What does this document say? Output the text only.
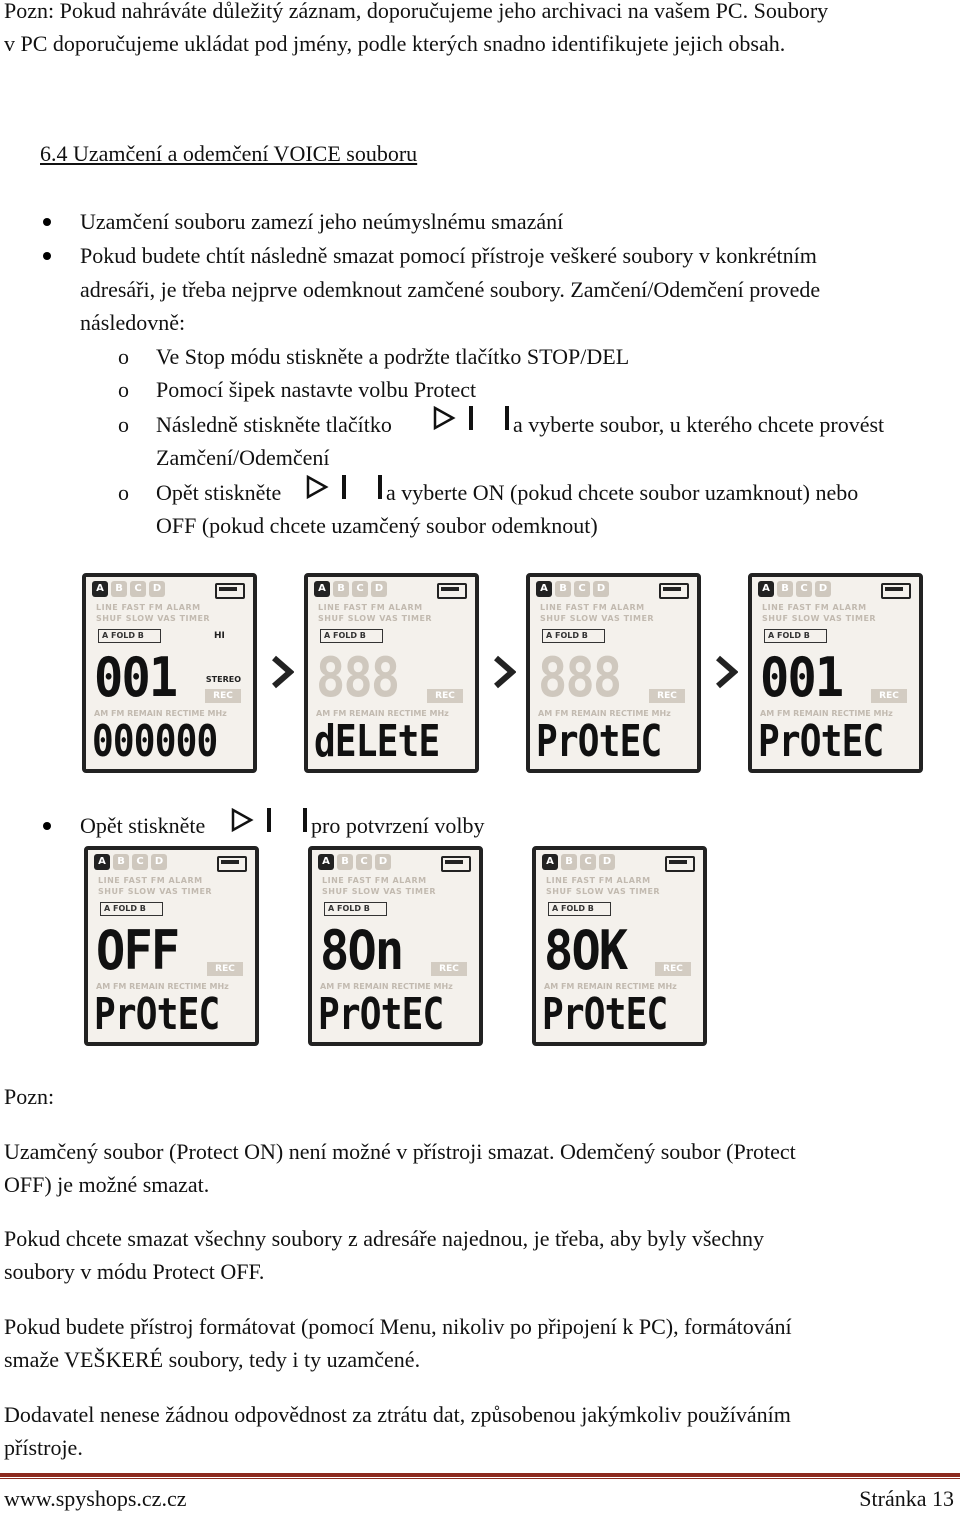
Pozn: Pokud nahráváte důležitý záznam, doporučujeme jeho archivaci na vašem PC. Soubory
v PC doporučujeme ukládat pod jmény, podle kterých snadno identifikujete jejich obsah.
6.4 Uzamčení a odemčení VOICE souboru
Uzamčení souboru zamezí jeho neúmyslnému smazání
Pokud budete chtít následně smazat pomocí přístroje veškeré soubory v konkrétním
adresáři, je třeba nejprve odemknout zamčené soubory. Zamčení/Odemčení provede
následovně:
o Ve Stop módu stiskněte a podržte tlačítko STOP/DEL
o Pomocí šipek nastavte volbu Protect
o Následně stiskněte tlačítko	a vyberte soubor, u kterého chcete provést
Zamčení/Odemčení
o Opět stiskněte	a vyberte ON (pokud chcete soubor uzamknout) nebo
OFF (pokud chcete uzamčený soubor odemknout)
A	B	C	D
LINE FAST FM ALARM
SHUF SLOW VAS TIMER
A FOLD B
001	REC
AM FM REMAIN RECTIME MHz
000000
HI
STEREO
A	B	C	D
LINE FAST FM ALARM
SHUF SLOW VAS TIMER
A FOLD B
888	REC
AM FM REMAIN RECTIME MHz
dELEtE
A	B	C	D
LINE FAST FM ALARM
SHUF SLOW VAS TIMER
A FOLD B
888	REC
AM FM REMAIN RECTIME MHz
PrOtEC
A	B	C	D
LINE FAST FM ALARM
SHUF SLOW VAS TIMER
A FOLD B
001	REC
AM FM REMAIN RECTIME MHz
PrOtEC
Opět stiskněte	pro potvrzení volby
A	B	C	D
LINE FAST FM ALARM
SHUF SLOW VAS TIMER
A FOLD B
OFF	REC
AM FM REMAIN RECTIME MHz
PrOtEC
A	B	C	D
LINE FAST FM ALARM
SHUF SLOW VAS TIMER
A FOLD B
8On	REC
AM FM REMAIN RECTIME MHz
PrOtEC
A	B	C	D
LINE FAST FM ALARM
SHUF SLOW VAS TIMER
A FOLD B
8OK	REC
AM FM REMAIN RECTIME MHz
PrOtEC
Pozn:
Uzamčený soubor (Protect ON) není možné v přístroji smazat. Odemčený soubor (Protect
OFF) je možné smazat.
Pokud chcete smazat všechny soubory z adresáře najednou, je třeba, aby byly všechny
soubory v módu Protect OFF.
Pokud budete přístroj formátovat (pomocí Menu, nikoliv po připojení k PC), formátování
smaže VEŠKERÉ soubory, tedy i ty uzamčené.
Dodavatel nenese žádnou odpovědnost za ztrátu dat, způsobenou jakýmkoliv používáním
přístroje.
www.spyshops.cz.cz	Stránka 13
